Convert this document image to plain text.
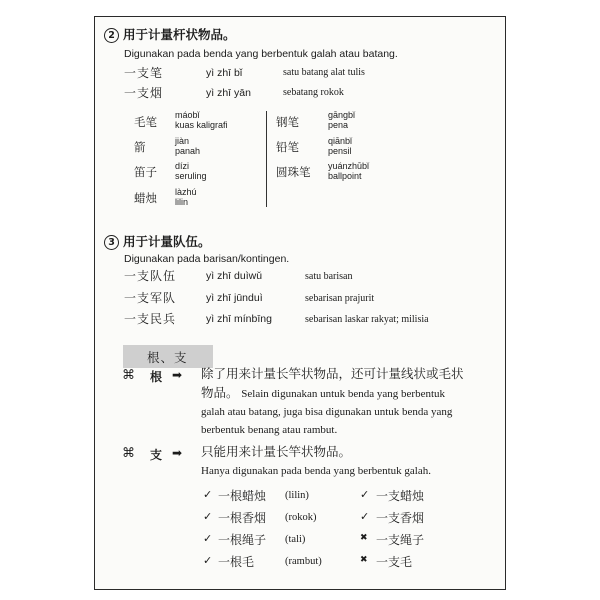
2 用于计量杆状物品。
Digunakan pada benda yang berbentuk galah atau batang.
一支笔	yì zhī bǐ	satu batang alat tulis
一支烟	yì zhī yān	sebatang rokok
毛笔 máobǐ
kuas kaligrafi
箭	jiàn
panah
笛子 dízi
seruling
蜡烛 làzhú
lilin
钢笔	gāngbǐ
pena
铅笔	qiānbǐ
pensil
圆珠笔 yuánzhūbǐ
ballpoint
3 用于计量队伍。
Digunakan pada barisan/kontingen.
一支队伍	yì zhī duìwǔ	satu barisan
一支军队	yì zhī jūnduì	sebarisan prajurit
一支民兵	yì zhī mínbīng	sebarisan laskar rakyat; milisia
根、支
⌘ 根 ➡ 除了用来计量长竿状物品，还可计量线状或毛状
物品。 Selain digunakan untuk benda yang berbentuk
galah atau batang, juga bisa digunakan untuk benda yang
berbentuk benang atau rambut.
⌘ 支 ➡ 只能用来计量长竿状物品。
Hanya digunakan pada benda yang berbentuk galah.
✓ 一根蜡烛 (lilin)	✓ 一支蜡烛
✓ 一根香烟 (rokok)	✓ 一支香烟
✓ 一根绳子 (tali)	✖ 一支绳子
✓ 一根毛	(rambut)	✖ 一支毛
